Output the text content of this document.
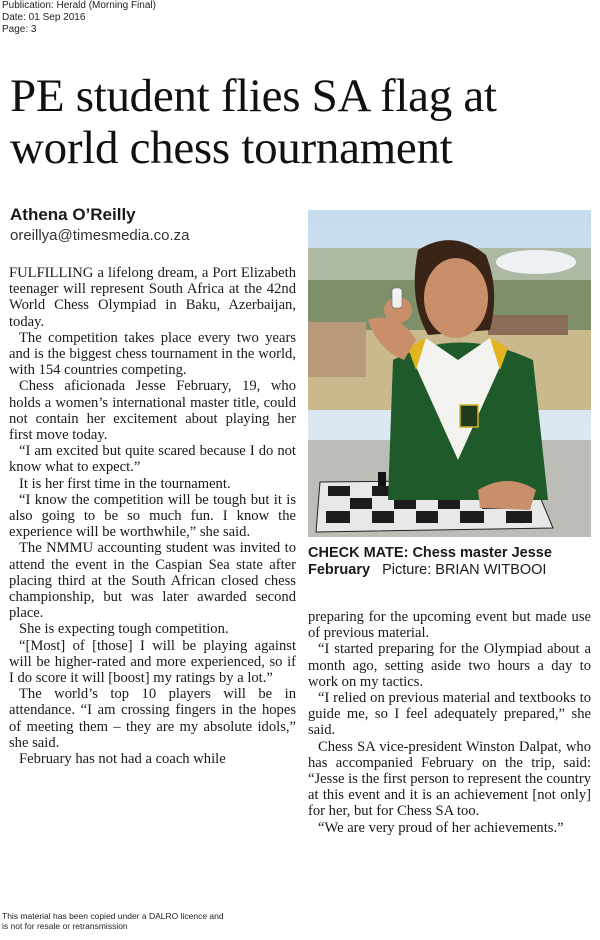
Publication: Herald (Morning Final)
Date: 01 Sep 2016
Page: 3
PE student flies SA flag at world chess tournament
Athena O’Reilly
oreillya@timesmedia.co.za

FULFILLING a lifelong dream, a Port Elizabeth teenager will represent South Africa at the 42nd World Chess Olympiad in Baku, Azerbaijan, today.

The competition takes place every two years and is the biggest chess tournament in the world, with 154 countries competing.

Chess aficionada Jesse February, 19, who holds a women’s international master title, could not contain her excitement about playing her first move today.

“I am excited but quite scared because I do not know what to expect.”

It is her first time in the tournament.

“I know the competition will be tough but it is also going to be so much fun. I know the experience will be worthwhile,” she said.

The NMMU accounting student was invited to attend the event in the Caspian Sea state after placing third at the South African closed chess championship, but was later awarded second place.

She is expecting tough competition.

“[Most] of [those] I will be playing against will be higher-rated and more experienced, so if I do score it will [boost] my ratings by a lot.”

The world’s top 10 players will be in attendance. “I am crossing fingers in the hopes of meeting them – they are my absolute idols,” she said.

February has not had a coach while

CHECK MATE: Chess master Jesse February Picture: BRIAN WITBOOI

preparing for the upcoming event but made use of previous material.

“I started preparing for the Olympiad about a month ago, setting aside two hours a day to work on my tactics.

“I relied on previous material and textbooks to guide me, so I feel adequately prepared,” she said.

Chess SA vice-president Winston Dalpat, who has accompanied February on the trip, said: “Jesse is the first person to represent the country at this event and it is an achievement [not only] for her, but for Chess SA too.

“We are very proud of her achievements.”

This material has been copied under a DALRO licence and
is not for resale or retransmission
